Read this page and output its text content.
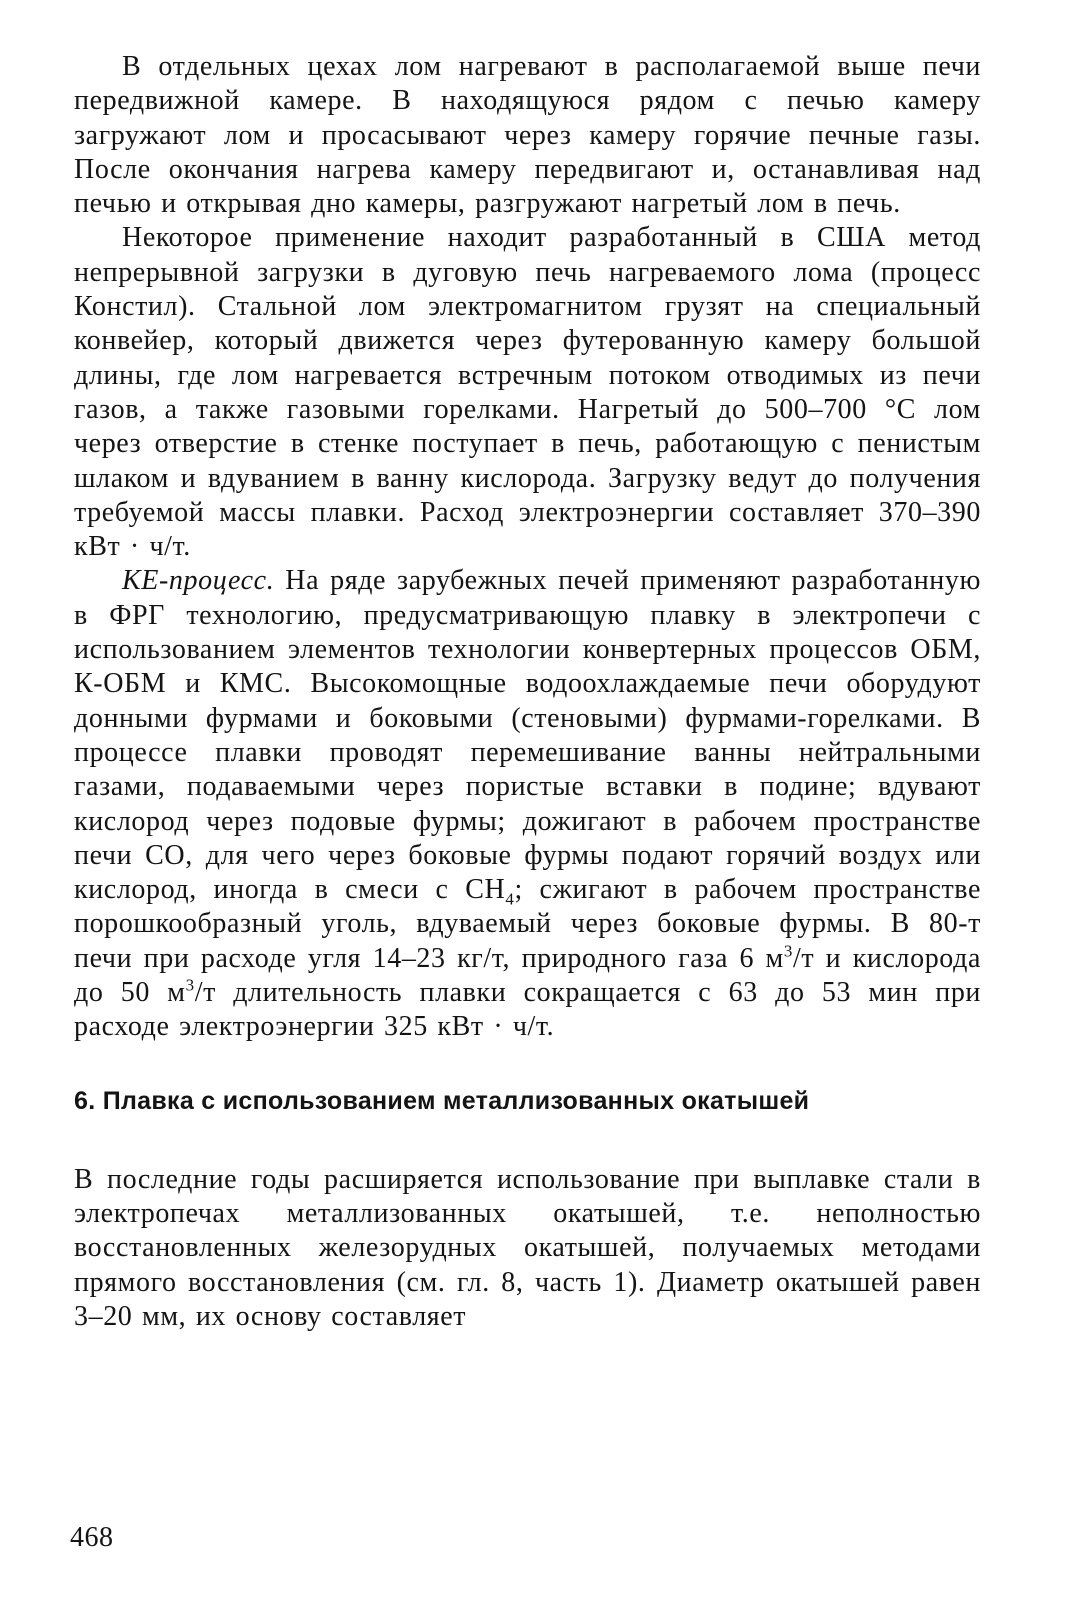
В отдельных цехах лом нагревают в располагаемой выше печи передвижной камере. В находящуюся рядом с печью камеру загружают лом и просасывают через камеру горячие печные газы. После окончания нагрева камеру передвигают и, останавливая над печью и открывая дно камеры, разгружают нагретый лом в печь.

Некоторое применение находит разработанный в США метод непрерывной загрузки в дуговую печь нагреваемого лома (процесс Констил). Стальной лом электромагнитом грузят на специальный конвейер, который движется через футерованную камеру большой длины, где лом нагревается встречным потоком отводимых из печи газов, а также газовыми горелками. Нагретый до 500–700 °С лом через отверстие в стенке поступает в печь, работающую с пенистым шлаком и вдуванием в ванну кислорода. Загрузку ведут до получения требуемой массы плавки. Расход электроэнергии составляет 370–390 кВт · ч/т.

KE-процесс. На ряде зарубежных печей применяют разработанную в ФРГ технологию, предусматривающую плавку в электропечи с использованием элементов технологии конвертерных процессов ОБМ, К-ОБМ и КМС. Высокомощные водоохлаждаемые печи оборудуют донными фурмами и боковыми (стеновыми) фурмами-горелками. В процессе плавки проводят перемешивание ванны нейтральными газами, подаваемыми через пористые вставки в подине; вдувают кислород через подовые фурмы; дожигают в рабочем пространстве печи СО, для чего через боковые фурмы подают горячий воздух или кислород, иногда в смеси с $СН_4$; сжигают в рабочем пространстве порошкообразный уголь, вдуваемый через боковые фурмы. В 80-т печи при расходе угля 14–23 кг/т, природного газа 6 $м^3/т$ и кислорода до 50 $м^3/т$ длительность плавки сокращается с 63 до 53 мин при расходе электроэнергии 325 кВт · ч/т.

6. Плавка с использованием металлизованных окатышей

В последние годы расширяется использование при выплавке стали в электропечах металлизованных окатышей, т.е. неполностью восстановленных железорудных окатышей, получаемых методами прямого восстановления (см. гл. 8, часть 1). Диаметр окатышей равен 3–20 мм, их основу составляет

468
